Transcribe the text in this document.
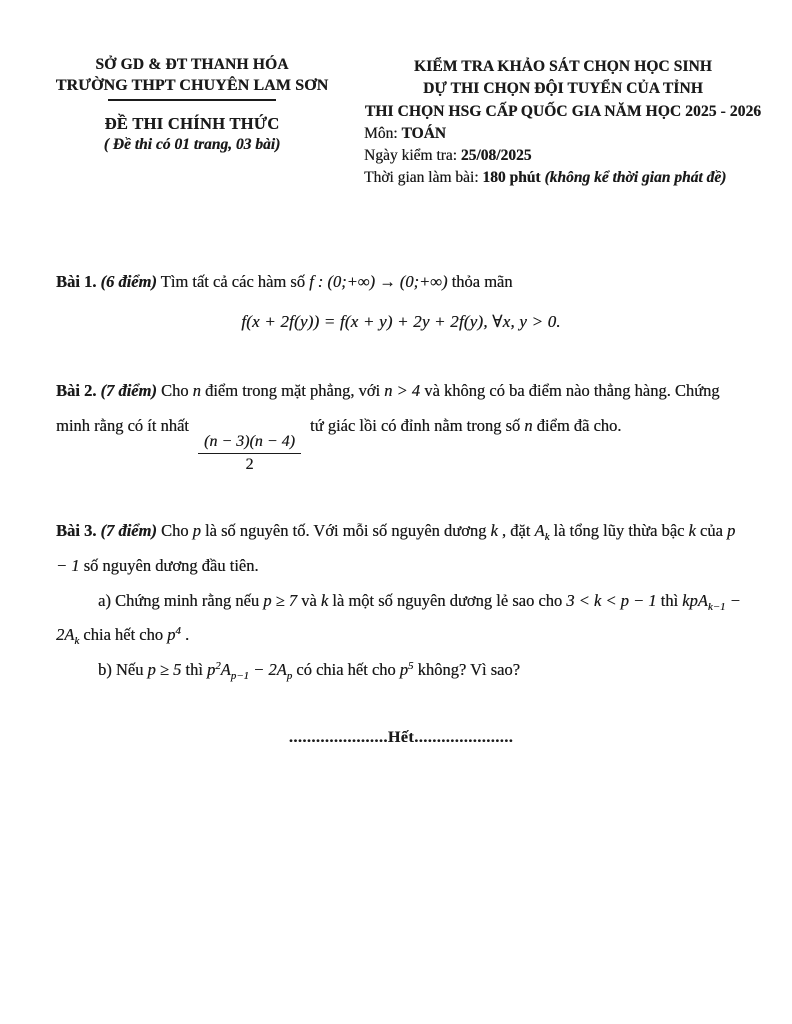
SỞ GD & ĐT THANH HÓA
TRƯỜNG THPT CHUYÊN LAM SƠN
ĐỀ THI CHÍNH THỨC
( Đề thi có 01 trang, 03 bài)
KIỂM TRA KHẢO SÁT CHỌN HỌC SINH
DỰ THI CHỌN ĐỘI TUYỂN CỦA TỈNH
THI CHỌN HSG CẤP QUỐC GIA NĂM HỌC 2025 - 2026
Môn: TOÁN
Ngày kiểm tra: 25/08/2025
Thời gian làm bài: 180 phút (không kể thời gian phát đề)

Bài 1. (6 điểm) Tìm tất cả các hàm số f : (0;+∞) → (0;+∞) thỏa mãn

f(x + 2f(y)) = f(x + y) + 2y + 2f(y), ∀x, y > 0.

Bài 2. (7 điểm) Cho n điểm trong mặt phẳng, với n > 4 và không có ba điểm nào thẳng hàng. Chứng minh rằng có ít nhất
$\frac{(n - 3)(n - 4)}{2}$
tứ giác lồi có đỉnh nằm trong số n điểm đã cho.

Bài 3. (7 điểm) Cho p là số nguyên tố. Với mỗi số nguyên dương k , đặt $A_k$ là tổng lũy thừa bậc k của p − 1 số nguyên dương đầu tiên.

a) Chứng minh rằng nếu p ≥ 7 và k là một số nguyên dương lẻ sao cho 3 < k < p − 1 thì $kpA_{k-1} - 2A_k$ chia hết cho $p^4$ .

b) Nếu p ≥ 5 thì $p^2A_{p-1} - 2A_p$ có chia hết cho $p^5$ không? Vì sao?

......................Hết......................
